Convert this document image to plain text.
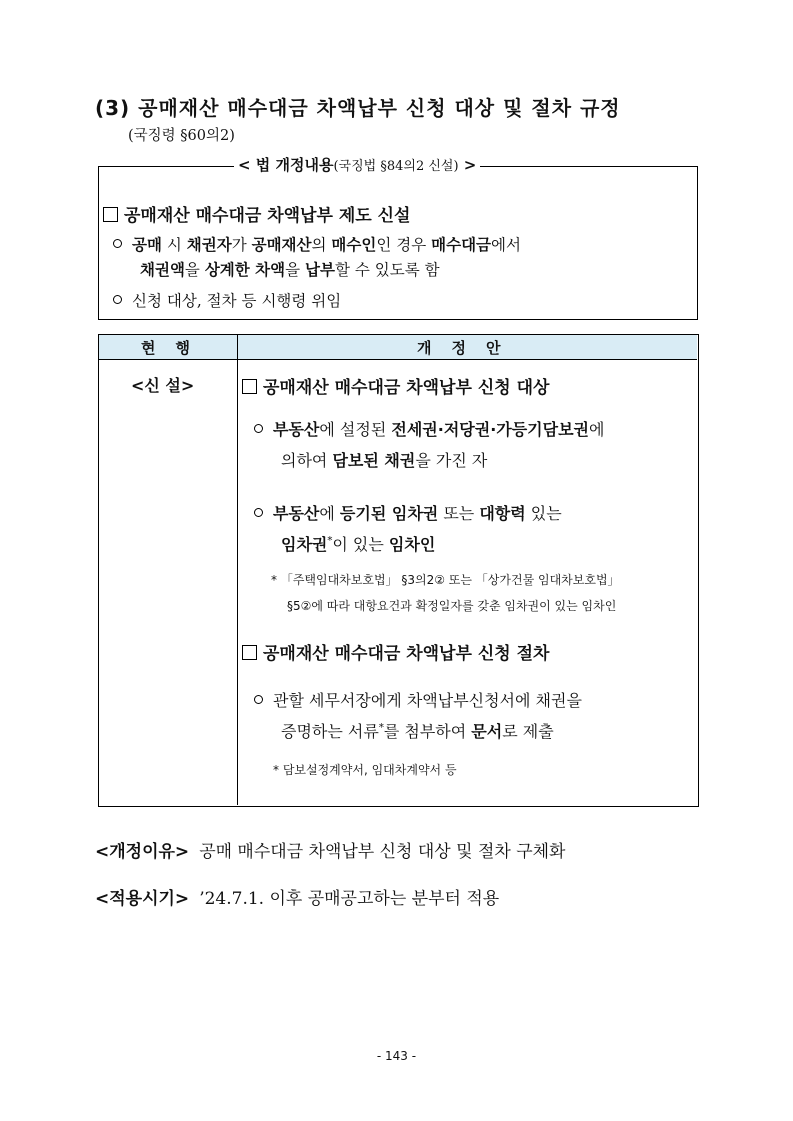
(3) 공매재산 매수대금 차액납부 신청 대상 및 절차 규정
(국징령 §60의2)
공매재산 매수대금 차액납부 제도 신설
공매 시 채권자가 공매재산의 매수인인 경우 매수대금에서
채권액을 상계한 차액을 납부할 수 있도록 함
신청 대상, 절차 등 시행령 위임
< 법 개정내용(국징법 §84의2 신설) >
현행	개정안
<신 설>	공매재산 매수대금 차액납부 신청 대상
부동산에 설정된 전세권·저당권·가등기담보권에
의하여 담보된 채권을 가진 자
부동산에 등기된 임차권 또는 대항력 있는
임차권*이 있는 임차인
* 「주택임대차보호법」 §3의2② 또는 「상가건물 임대차보호법」
§5②에 따라 대항요건과 확정일자를 갖춘 임차권이 있는 임차인
공매재산 매수대금 차액납부 신청 절차
관할 세무서장에게 차액납부신청서에 채권을
증명하는 서류*를 첨부하여 문서로 제출
* 담보설정계약서, 임대차계약서 등
<개정이유> 공매 매수대금 차액납부 신청 대상 및 절차 구체화
<적용시기> ’24.7.1. 이후 공매공고하는 분부터 적용
- 143 -
